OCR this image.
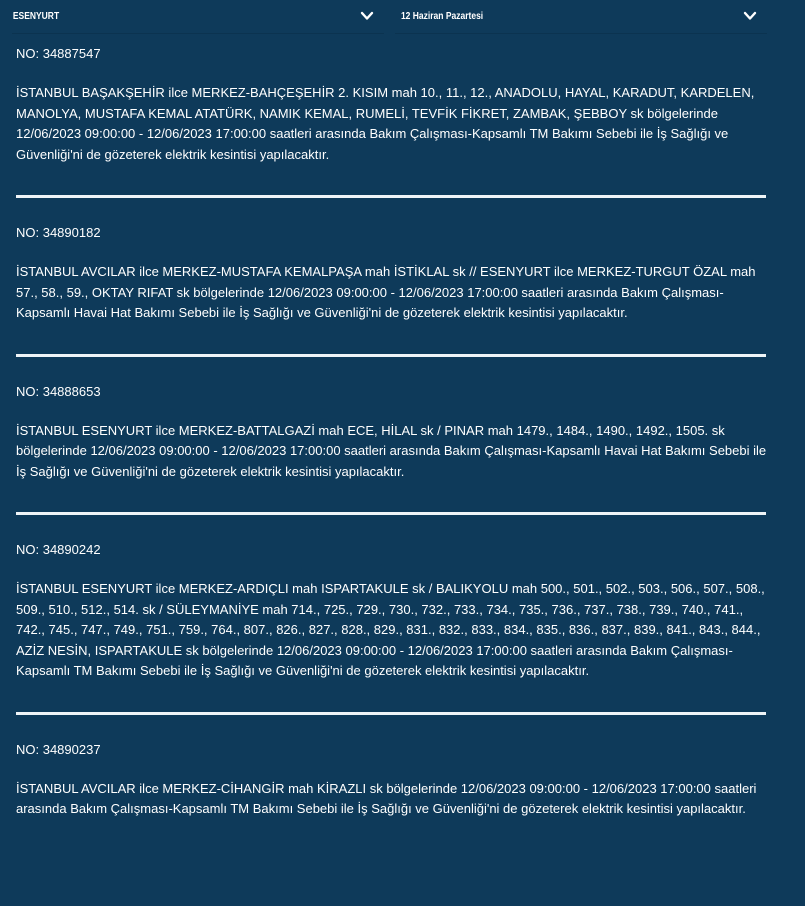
ESENYURT	12 Haziran Pazartesi
NO: 34887547
İSTANBUL BAŞAKŞEHİR ilce MERKEZ-BAHÇEŞEHİR 2. KISIM mah 10., 11., 12., ANADOLU, HAYAL, KARADUT, KARDELEN, MANOLYA, MUSTAFA KEMAL ATATÜRK, NAMIK KEMAL, RUMELİ, TEVFİK FİKRET, ZAMBAK, ŞEBBOY sk bölgelerinde 12/06/2023 09:00:00 - 12/06/2023 17:00:00 saatleri arasında Bakım Çalışması-Kapsamlı TM Bakımı Sebebi ile İş Sağlığı ve Güvenliği'ni de gözeterek elektrik kesintisi yapılacaktır.
NO: 34890182
İSTANBUL AVCILAR ilce MERKEZ-MUSTAFA KEMALPAŞA mah İSTİKLAL sk // ESENYURT ilce MERKEZ-TURGUT ÖZAL mah 57., 58., 59., OKTAY RIFAT sk bölgelerinde 12/06/2023 09:00:00 - 12/06/2023 17:00:00 saatleri arasında Bakım Çalışması-Kapsamlı Havai Hat Bakımı Sebebi ile İş Sağlığı ve Güvenliği'ni de gözeterek elektrik kesintisi yapılacaktır.
NO: 34888653
İSTANBUL ESENYURT ilce MERKEZ-BATTALGAZİ mah ECE, HİLAL sk / PINAR mah 1479., 1484., 1490., 1492., 1505. sk bölgelerinde 12/06/2023 09:00:00 - 12/06/2023 17:00:00 saatleri arasında Bakım Çalışması-Kapsamlı Havai Hat Bakımı Sebebi ile İş Sağlığı ve Güvenliği'ni de gözeterek elektrik kesintisi yapılacaktır.
NO: 34890242
İSTANBUL ESENYURT ilce MERKEZ-ARDIÇLI mah ISPARTAKULE sk / BALIKYOLU mah 500., 501., 502., 503., 506., 507., 508., 509., 510., 512., 514. sk / SÜLEYMANİYE mah 714., 725., 729., 730., 732., 733., 734., 735., 736., 737., 738., 739., 740., 741., 742., 745., 747., 749., 751., 759., 764., 807., 826., 827., 828., 829., 831., 832., 833., 834., 835., 836., 837., 839., 841., 843., 844., AZİZ NESİN, ISPARTAKULE sk bölgelerinde 12/06/2023 09:00:00 - 12/06/2023 17:00:00 saatleri arasında Bakım Çalışması-Kapsamlı TM Bakımı Sebebi ile İş Sağlığı ve Güvenliği'ni de gözeterek elektrik kesintisi yapılacaktır.
NO: 34890237
İSTANBUL AVCILAR ilce MERKEZ-CİHANGİR mah KİRAZLI sk bölgelerinde 12/06/2023 09:00:00 - 12/06/2023 17:00:00 saatleri arasında Bakım Çalışması-Kapsamlı TM Bakımı Sebebi ile İş Sağlığı ve Güvenliği'ni de gözeterek elektrik kesintisi yapılacaktır.
